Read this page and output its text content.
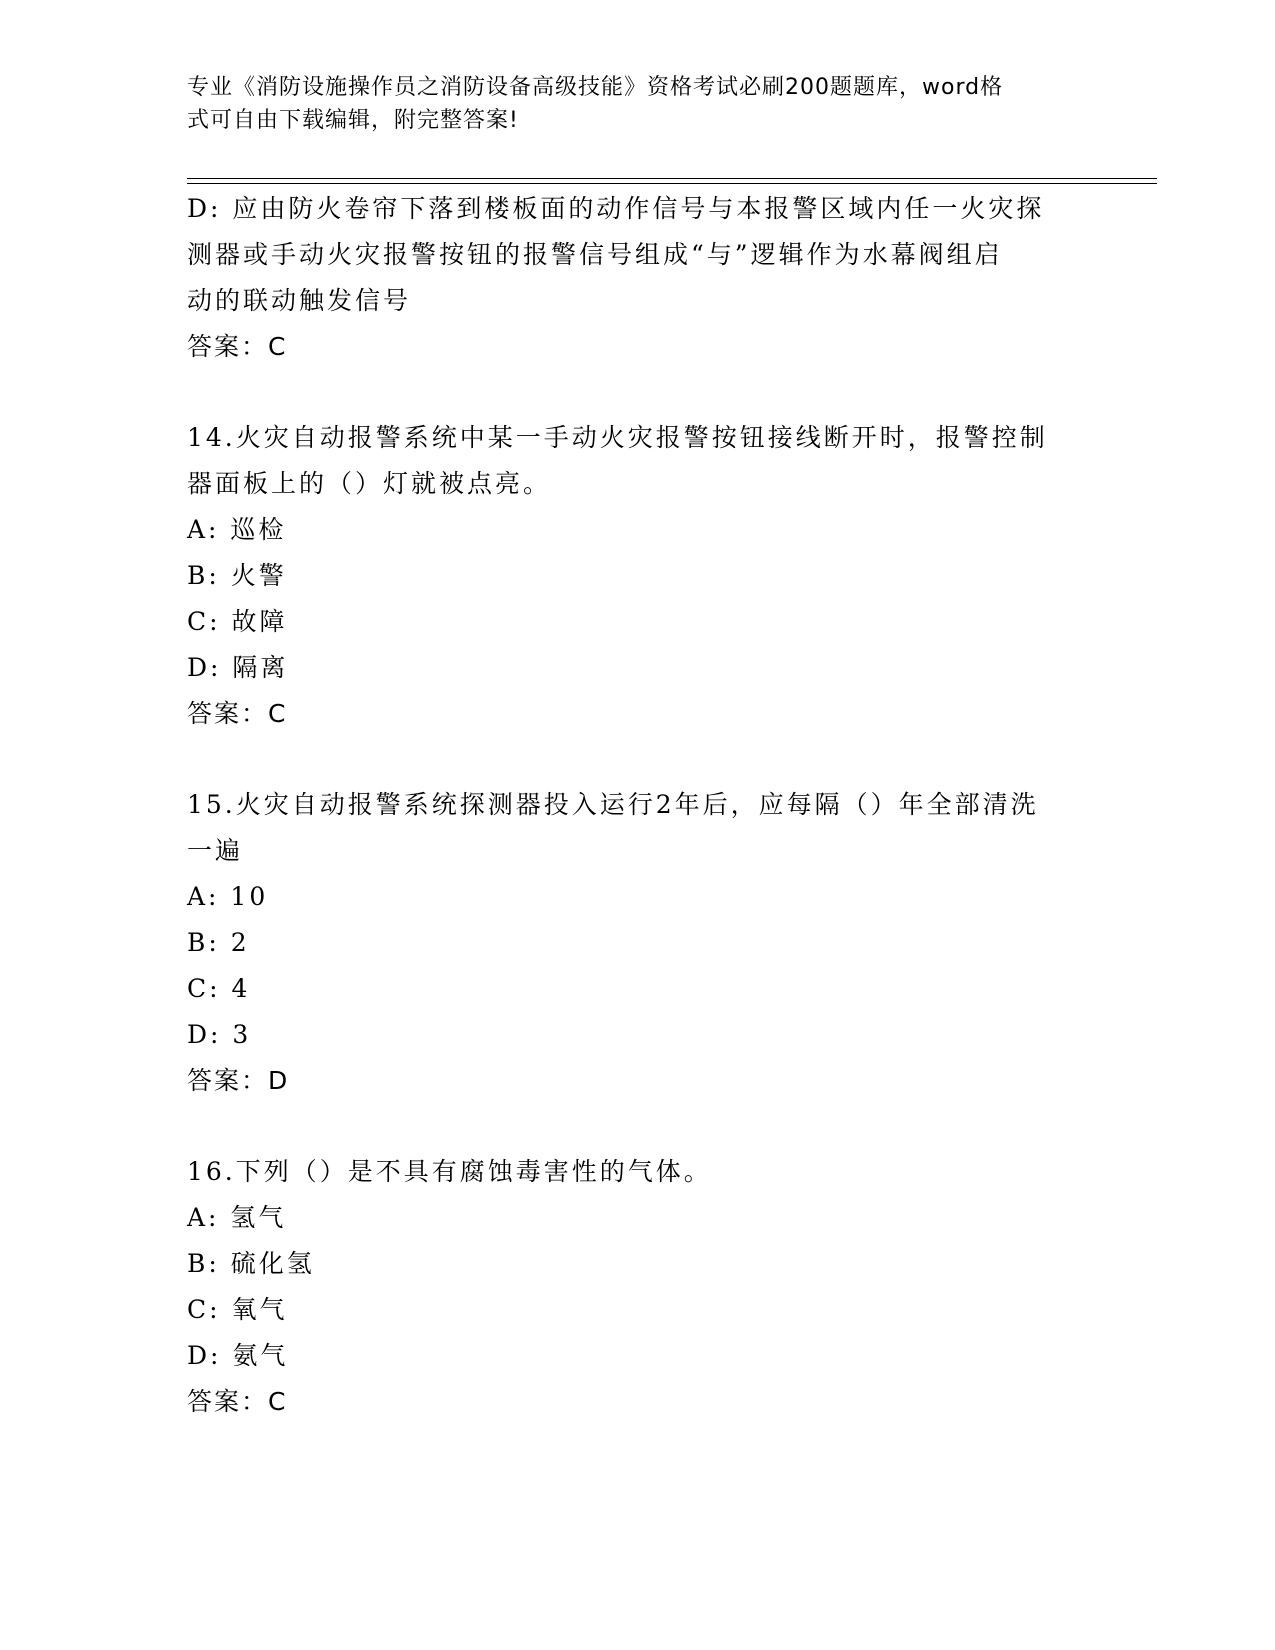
专业《消防设施操作员之消防设备高级技能》资格考试必刷200题题库，word格
式可自由下载编辑，附完整答案!
D: 应由防火卷帘下落到楼板面的动作信号与本报警区域内任一火灾探
测器或手动火灾报警按钮的报警信号组成“与”逻辑作为水幕阀组启
动的联动触发信号
答案：C
14.火灾自动报警系统中某一手动火灾报警按钮接线断开时，报警控制
器面板上的（）灯就被点亮。
A: 巡检
B: 火警
C: 故障
D: 隔离
答案：C
15.火灾自动报警系统探测器投入运行2年后，应每隔（）年全部清洗
一遍
A: 10
B: 2
C: 4
D: 3
答案：D
16.下列（）是不具有腐蚀毒害性的气体。
A: 氢气
B: 硫化氢
C: 氧气
D: 氨气
答案：C
